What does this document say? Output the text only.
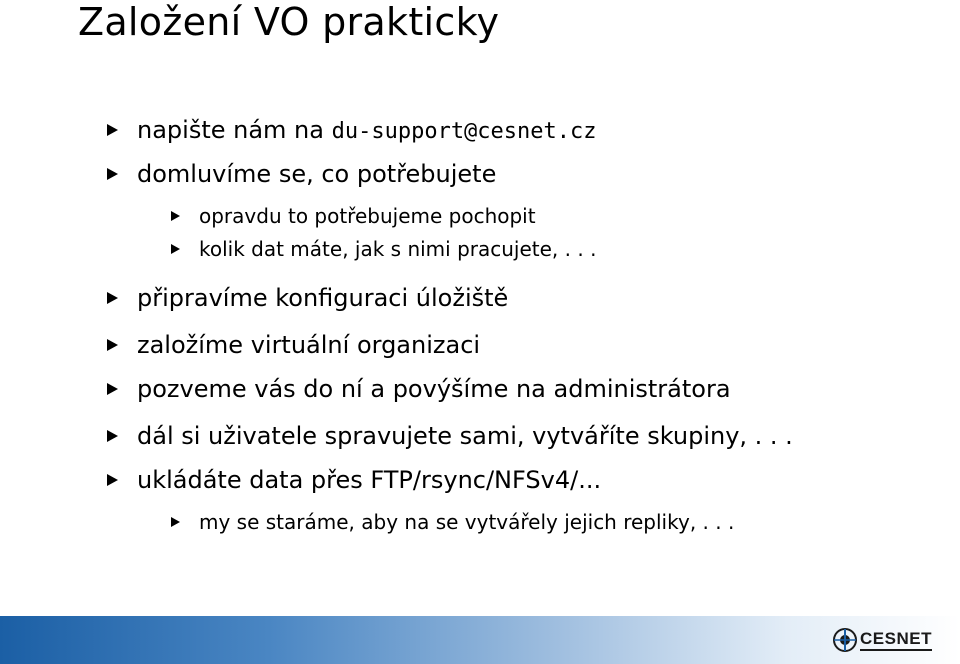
Založení VO prakticky
napište nám na du-support@cesnet.cz
domluvíme se, co potřebujete
opravdu to potřebujeme pochopit
kolik dat máte, jak s nimi pracujete, . . .
připravíme konfiguraci úložiště
založíme virtuální organizaci
pozveme vás do ní a povýšíme na administrátora
dál si uživatele spravujete sami, vytváříte skupiny, . . .
ukládáte data přes FTP/rsync/NFSv4/...
my se staráme, aby na se vytvářely jejich repliky, . . .
CESNET
